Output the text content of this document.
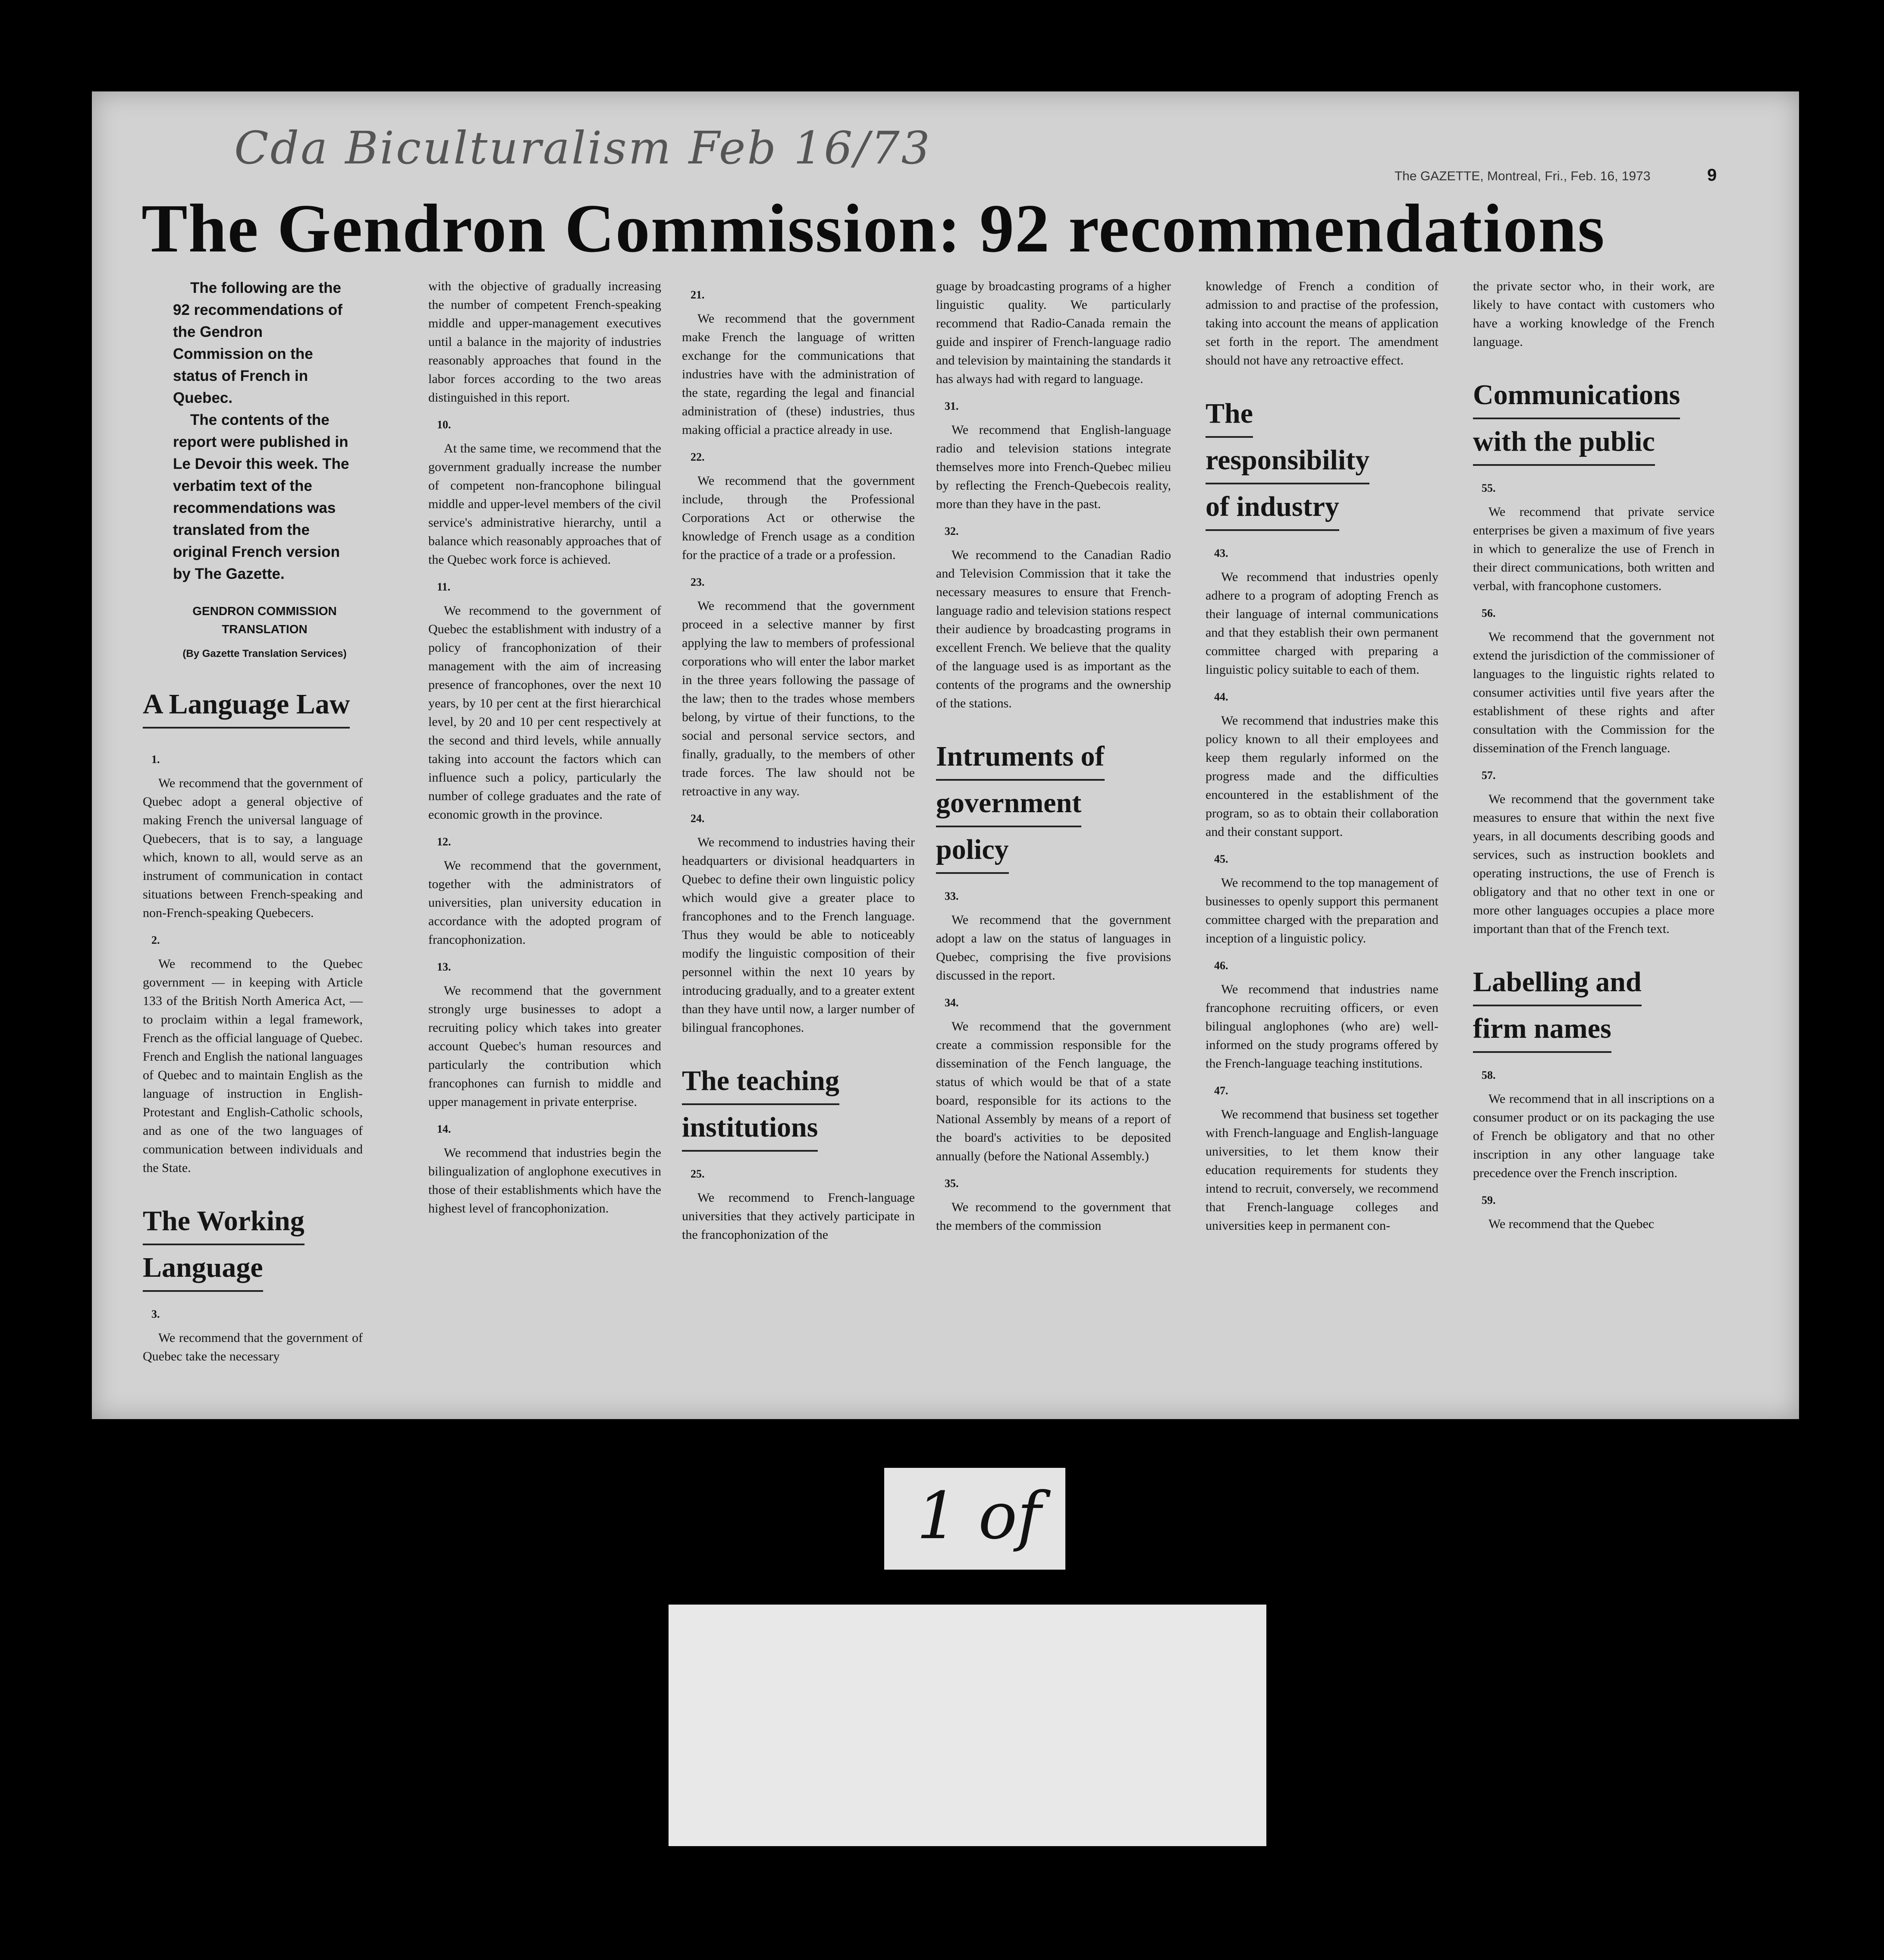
Cda Biculturalism Feb 16/73
The GAZETTE, Montreal, Fri., Feb. 16, 1973	9
The Gendron Commission: 92 recommendations

The following are the 92 recommendations of the Gendron Commission on the status of French in Quebec.

The contents of the report were published in Le Devoir this week. The verbatim text of the recommendations was translated from the original French version by The Gazette.

GENDRON COMMISSION TRANSLATION
(By Gazette Translation Services)
A Language Law

1.

We recommend that the government of Quebec adopt a general objective of making French the universal language of Quebecers, that is to say, a language which, known to all, would serve as an instrument of communication in contact situations between French-speaking and non-French-speaking Quebecers.

2.

We recommend to the Quebec government — in keeping with Article 133 of the British North America Act, — to proclaim within a legal framework, French as the official language of Quebec. French and English the national languages of Quebec and to maintain English as the language of instruction in English-Protestant and English-Catholic schools, and as one of the two languages of communication between individuals and the State.

The Working
Language

3.

We recommend that the government of Quebec take the necessary

with the objective of gradually increasing the number of competent French-speaking middle and upper-management executives until a balance in the majority of industries reasonably approaches that found in the labor forces according to the two areas distinguished in this report.

10.

At the same time, we recommend that the government gradually increase the number of competent non-francophone bilingual middle and upper-level members of the civil service's administrative hierarchy, until a balance which reasonably approaches that of the Quebec work force is achieved.

11.

We recommend to the government of Quebec the establishment with industry of a policy of francophonization of their management with the aim of increasing presence of francophones, over the next 10 years, by 10 per cent at the first hierarchical level, by 20 and 10 per cent respectively at the second and third levels, while annually taking into account the factors which can influence such a policy, particularly the number of college graduates and the rate of economic growth in the province.

12.

We recommend that the government, together with the administrators of universities, plan university education in accordance with the adopted program of francophonization.

13.

We recommend that the government strongly urge businesses to adopt a recruiting policy which takes into greater account Quebec's human resources and particularly the contribution which francophones can furnish to middle and upper management in private enterprise.

14.

We recommend that industries begin the bilingualization of anglophone executives in those of their establishments which have the highest level of francophonization.

21.

We recommend that the government make French the language of written exchange for the communications that industries have with the administration of the state, regarding the legal and financial administration of (these) industries, thus making official a practice already in use.

22.

We recommend that the government include, through the Professional Corporations Act or otherwise the knowledge of French usage as a condition for the practice of a trade or a profession.

23.

We recommend that the government proceed in a selective manner by first applying the law to members of professional corporations who will enter the labor market in the three years following the passage of the law; then to the trades whose members belong, by virtue of their functions, to the social and personal service sectors, and finally, gradually, to the members of other trade forces. The law should not be retroactive in any way.

24.

We recommend to industries having their headquarters or divisional headquarters in Quebec to define their own linguistic policy which would give a greater place to francophones and to the French language. Thus they would be able to noticeably modify the linguistic composition of their personnel within the next 10 years by introducing gradually, and to a greater extent than they have until now, a larger number of bilingual francophones.

The teaching
institutions

25.

We recommend to French-language universities that they actively participate in the francophonization of the

guage by broadcasting programs of a higher linguistic quality. We particularly recommend that Radio-Canada remain the guide and inspirer of French-language radio and television by maintaining the standards it has always had with regard to language.

31.

We recommend that English-language radio and television stations integrate themselves more into French-Quebec milieu by reflecting the French-Quebecois reality, more than they have in the past.

32.

We recommend to the Canadian Radio and Television Commission that it take the necessary measures to ensure that French-language radio and television stations respect their audience by broadcasting programs in excellent French. We believe that the quality of the language used is as important as the contents of the programs and the ownership of the stations.

Intruments of
government
policy

33.

We recommend that the government adopt a law on the status of languages in Quebec, comprising the five provisions discussed in the report.

34.

We recommend that the government create a commission responsible for the dissemination of the Fench language, the status of which would be that of a state board, responsible for its actions to the National Assembly by means of a report of the board's activities to be deposited annually (before the National Assembly.)

35.

We recommend to the government that the members of the commission

knowledge of French a condition of admission to and practise of the profession, taking into account the means of application set forth in the report. The amendment should not have any retroactive effect.

The
responsibility
of industry

43.

We recommend that industries openly adhere to a program of adopting French as their language of internal communications and that they establish their own permanent committee charged with preparing a linguistic policy suitable to each of them.

44.

We recommend that industries make this policy known to all their employees and keep them regularly informed on the progress made and the difficulties encountered in the establishment of the program, so as to obtain their collaboration and their constant support.

45.

We recommend to the top management of businesses to openly support this permanent committee charged with the preparation and inception of a linguistic policy.

46.

We recommend that industries name francophone recruiting officers, or even bilingual anglophones (who are) well-informed on the study programs offered by the French-language teaching institutions.

47.

We recommend that business set together with French-language and English-language universities, to let them know their education requirements for students they intend to recruit, conversely, we recommend that French-language colleges and universities keep in permanent con-

the private sector who, in their work, are likely to have contact with customers who have a working knowledge of the French language.

Communications
with the public

55.

We recommend that private service enterprises be given a maximum of five years in which to generalize the use of French in their direct communications, both written and verbal, with francophone customers.

56.

We recommend that the government not extend the jurisdiction of the commissioner of languages to the linguistic rights related to consumer activities until five years after the establishment of these rights and after consultation with the Commission for the dissemination of the French language.

57.

We recommend that the government take measures to ensure that within the next five years, in all documents describing goods and services, such as instruction booklets and operating instructions, the use of French is obligatory and that no other text in one or more other languages occupies a place more important than that of the French text.

Labelling and
firm names

58.

We recommend that in all inscriptions on a consumer product or on its packaging the use of French be obligatory and that no other inscription in any other language take precedence over the French inscription.

59.

We recommend that the Quebec

1 of
